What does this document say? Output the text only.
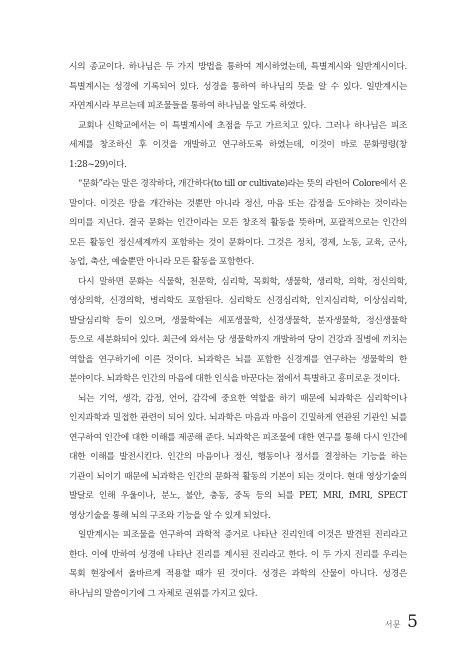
시의 종교이다. 하나님은 두 가지 방법을 통하여 계시하였는데, 특별계시와 일반계시이다. 특별계시는 성경에 기록되어 있다. 성경을 통하여 하나님의 뜻을 알 수 있다. 일반계시는 자연계시라 부르는데 피조물들을 통하여 하나님을 알도록 하였다.

교회나 신학교에서는 이 특별계시에 초점을 두고 가르치고 있다. 그러나 하나님은 피조 세계를 창조하신 후 이것을 개발하고 연구하도록 하였는데, 이것이 바로 문화명령(창 1:28~29)이다.

“문화”라는 말은 경작하다, 개간하다(to till or cultivate)라는 뜻의 라틴어 Colore에서 온 말이다. 이것은 땅을 개간하는 것뿐만 아니라 정신, 마음 또는 감정을 도야하는 것이라는 의미를 지닌다. 결국 문화는 인간이라는 모든 창조적 활동을 뜻하며, 포괄적으로는 인간의 모든 활동인 정신세계까지 포함하는 것이 문화이다. 그것은 정치, 경제, 노동, 교육, 군사, 농업, 축산, 예술뿐만 아니라 모든 활동을 포함한다.

다시 말하면 문화는 식물학, 천문학, 심리학, 목회학, 생물학, 생리학, 의학, 정신의학, 영상의학, 신경의학, 병리학도 포함된다. 심리학도 신경심리학, 인지심리학, 이상심리학, 발달심리학 등이 있으며, 생물학에는 세포생물학, 신경생물학, 분자생물학, 정신생물학 등으로 세분화되어 있다. 최근에 와서는 당 생물학까지 개발하여 당이 건강과 질병에 끼치는 역할을 연구하기에 이른 것이다. 뇌과학은 뇌를 포함한 신경계를 연구하는 생물학의 한 분야이다. 뇌과학은 인간의 마음에 대한 인식을 바꾼다는 점에서 특별하고 흥미로운 것이다.

뇌는 기억, 생각, 감정, 언어, 감각에 중요한 역할을 하기 때문에 뇌과학은 심리학이나 인지과학과 밀접한 관련이 되어 있다. 뇌과학은 마음과 마음이 긴밀하게 연관된 기관인 뇌를 연구하여 인간에 대한 이해를 제공해 준다. 뇌과학은 피조물에 대한 연구를 통해 다시 인간에 대한 이해를 발전시킨다. 인간의 마음이나 정신, 행동이나 정서를 결정하는 기능을 하는 기관이 뇌이기 때문에 뇌과학은 인간의 문화적 활동의 기본이 되는 것이다. 현대 영상기술의 발달로 인해 우울이나, 분노, 불안, 충동, 중독 등의 뇌를 PET, MRI, fMRI, SPECT 영상기술을 통해 뇌의 구조와 기능을 알 수 있게 되었다.

일반계시는 피조물을 연구하여 과학적 증거로 나타난 진리인데 이것은 발견된 진리라고 한다. 이에 반하여 성경에 나타난 진리를 계시된 진리라고 한다. 이 두 가지 진리를 우리는 목회 현장에서 올바르게 적용할 때가 된 것이다. 성경은 과학의 산물이 아니다. 성경은 하나님의 말씀이기에 그 자체로 권위를 가지고 있다.

서문 5
